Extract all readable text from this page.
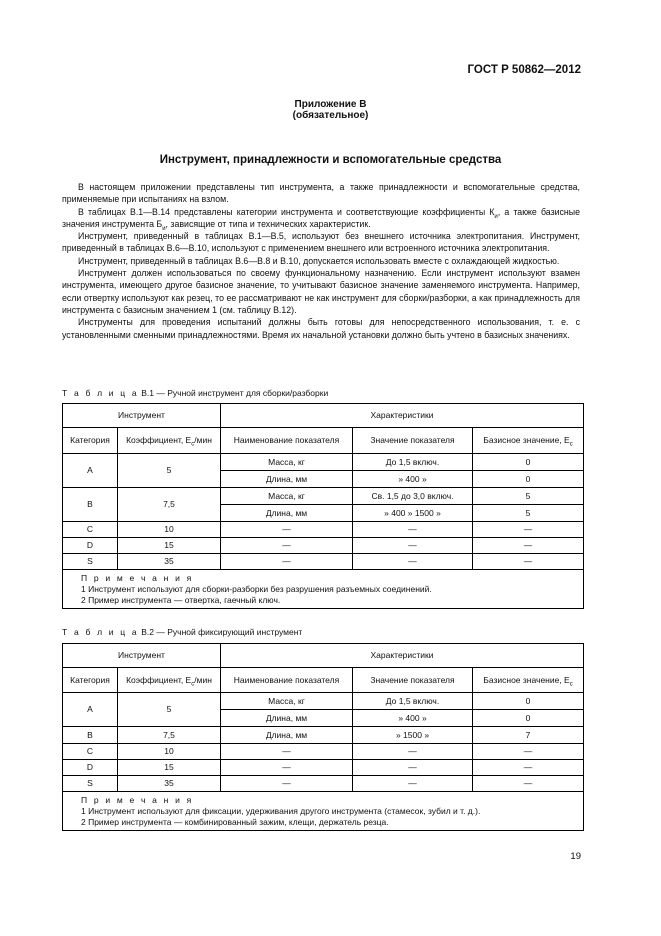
ГОСТ Р 50862—2012
Приложение В
(обязательное)
Инструмент, принадлежности и вспомогательные средства

В настоящем приложении представлены тип инструмента, а также принадлежности и вспомогательные средства, применяемые при испытаниях на взлом.

В таблицах В.1—В.14 представлены категории инструмента и соответствующие коэффициенты $К_и$, а также базисные значения инструмента $Б_и$, зависящие от типа и технических характеристик.

Инструмент, приведенный в таблицах В.1—В.5, используют без внешнего источника электропитания. Инструмент, приведенный в таблицах В.6—В.10, используют с применением внешнего или встроенного источника электропитания.

Инструмент, приведенный в таблицах В.6—В.8 и В.10, допускается использовать вместе с охлаждающей жидкостью.

Инструмент должен использоваться по своему функциональному назначению. Если инструмент используют взамен инструмента, имеющего другое базисное значение, то учитывают базисное значение заменяемого инструмента. Например, если отвертку используют как резец, то ее рассматривают не как инструмент для сборки/разборки, а как принадлежность для инструмента с базисным значением 1 (см. таблицу В.12).

Инструменты для проведения испытаний должны быть готовы для непосредственного использования, т. е. с установленными сменными принадлежностями. Время их начальной установки должно быть учтено в базисных значениях.

Т а б л и ц а В.1 — Ручной инструмент для сборки/разборки
Инструмент		Характеристики		
Категория	Коэффициент, $Е_с$/мин	Наименование показателя	Значение показателя	Базисное значение, $Е_с$
A	5	Масса, кг	До 1,5 включ.	0
		Длина, мм	» 400 »	0
B	7,5	Масса, кг	Св. 1,5 до 3,0 включ.	5
		Длина, мм	» 400 » 1500 »	5
C	10	—	—	—
D	15	—	—	—
S	35	—	—	—

П р и м е ч а н и я
1 Инструмент используют для сборки-разборки без разрушения разъемных соединений.
2 Пример инструмента — отвертка, гаечный ключ.				
Т а б л и ц а В.2 — Ручной фиксирующий инструмент
Инструмент		Характеристики		
Категория	Коэффициент, $Е_с$/мин	Наименование показателя	Значение показателя	Базисное значение, $Е_с$
A	5	Масса, кг	До 1,5 включ.	0
		Длина, мм	» 400 »	0
B	7,5	Длина, мм	» 1500 »	7
C	10	—	—	—
D	15	—	—	—
S	35	—	—	—

П р и м е ч а н и я
1 Инструмент используют для фиксации, удерживания другого инструмента (стамесок, зубил и т. д.).
2 Пример инструмента — комбинированный зажим, клещи, держатель резца.				
19
